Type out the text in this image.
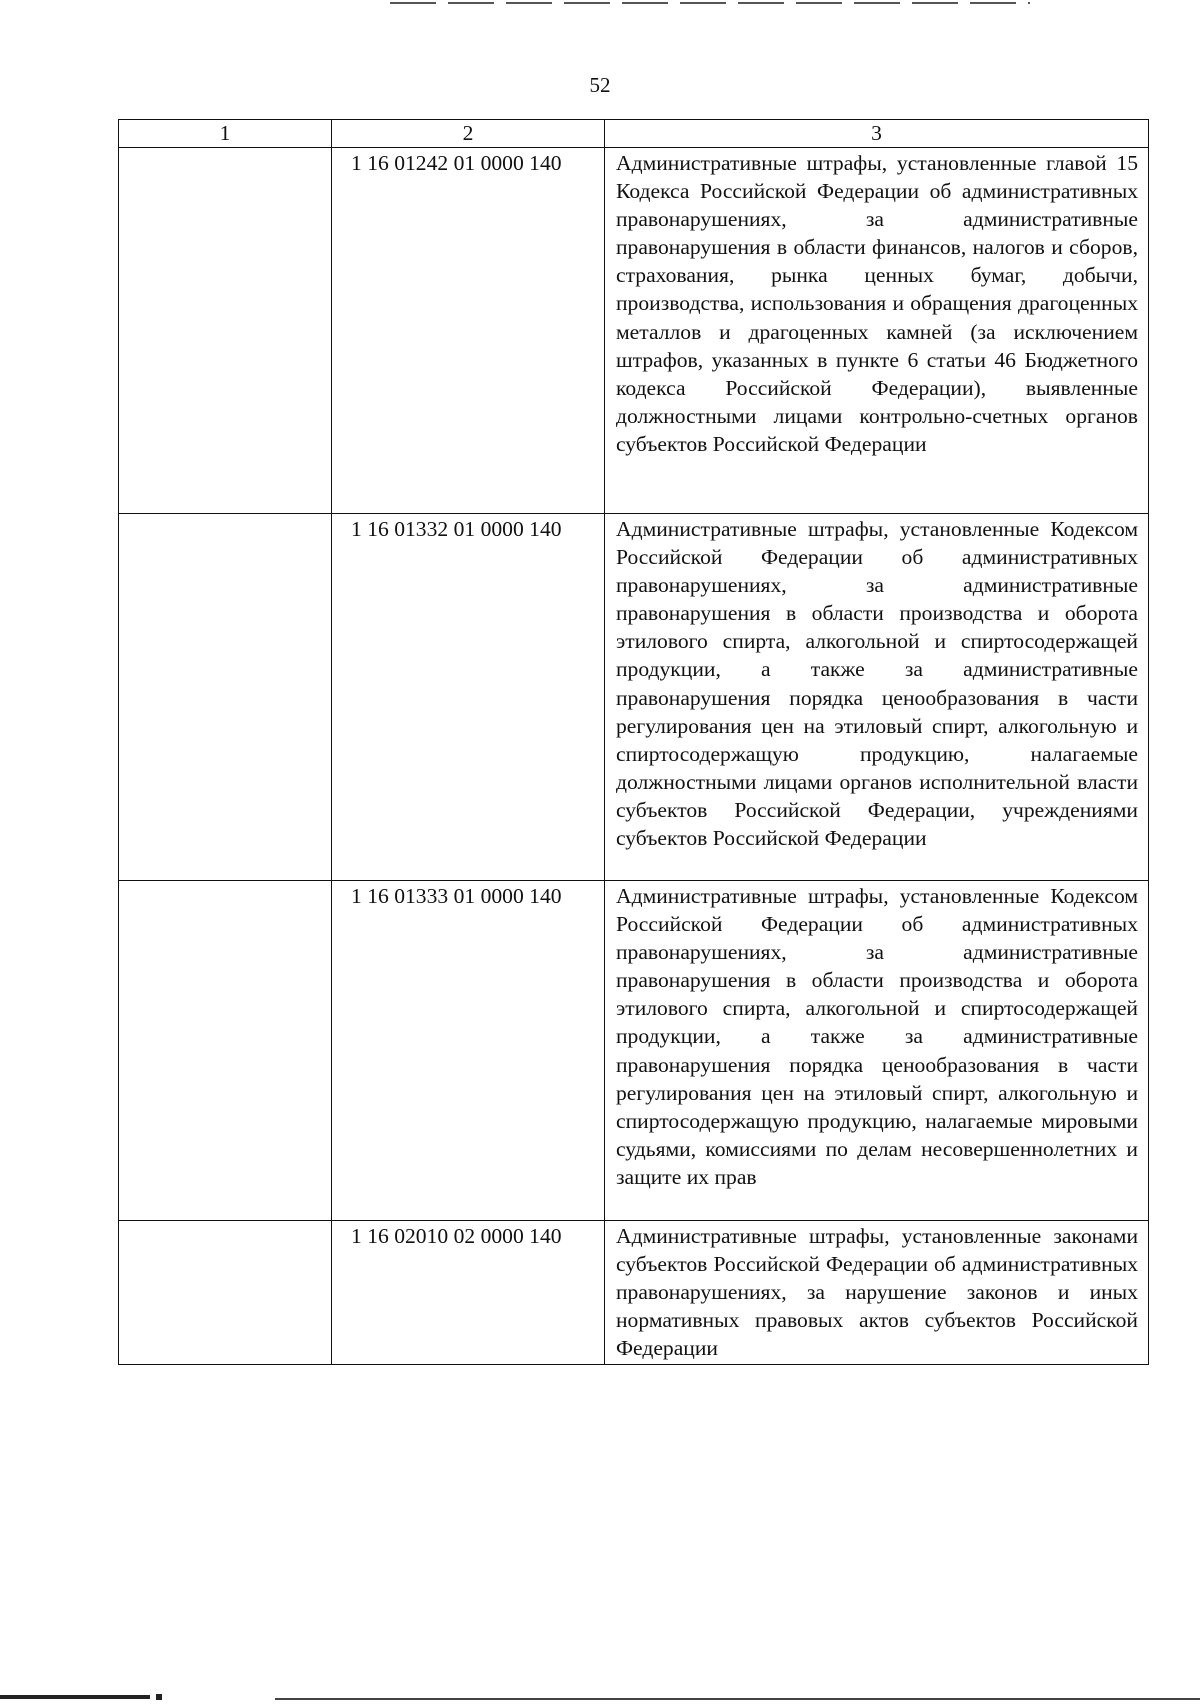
52
1	2	3
	1 16 01242 01 0000 140	Административные штрафы, установленные главой 15 Кодекса Российской Федерации об административных правонарушениях, за административные правонарушения в области финансов, налогов и сборов, страхования, рынка ценных бумаг, добычи, производства, использования и обращения драгоценных металлов и драгоценных камней (за исключением штрафов, указанных в пункте 6 статьи 46 Бюджетного кодекса Российской Федерации), выявленные должностными лицами контрольно-счетных органов субъектов Российской Федерации
	1 16 01332 01 0000 140	Административные штрафы, установленные Кодексом Российской Федерации об административных правонарушениях, за административные правонарушения в области производства и оборота этилового спирта, алкогольной и спиртосодержащей продукции, а также за административные правонарушения порядка ценообразования в части регулирования цен на этиловый спирт, алкогольную и спиртосодержащую продукцию, налагаемые должностными лицами органов исполнительной власти субъектов Российской Федерации, учреждениями субъектов Российской Федерации
	1 16 01333 01 0000 140	Административные штрафы, установленные Кодексом Российской Федерации об административных правонарушениях, за административные правонарушения в области производства и оборота этилового спирта, алкогольной и спиртосодержащей продукции, а также за административные правонарушения порядка ценообразования в части регулирования цен на этиловый спирт, алкогольную и спиртосодержащую продукцию, налагаемые мировыми судьями, комиссиями по делам несовершеннолетних и защите их прав
	1 16 02010 02 0000 140	Административные штрафы, установленные законами субъектов Российской Федерации об административных правонарушениях, за нарушение законов и иных нормативных правовых актов субъектов Российской Федерации
